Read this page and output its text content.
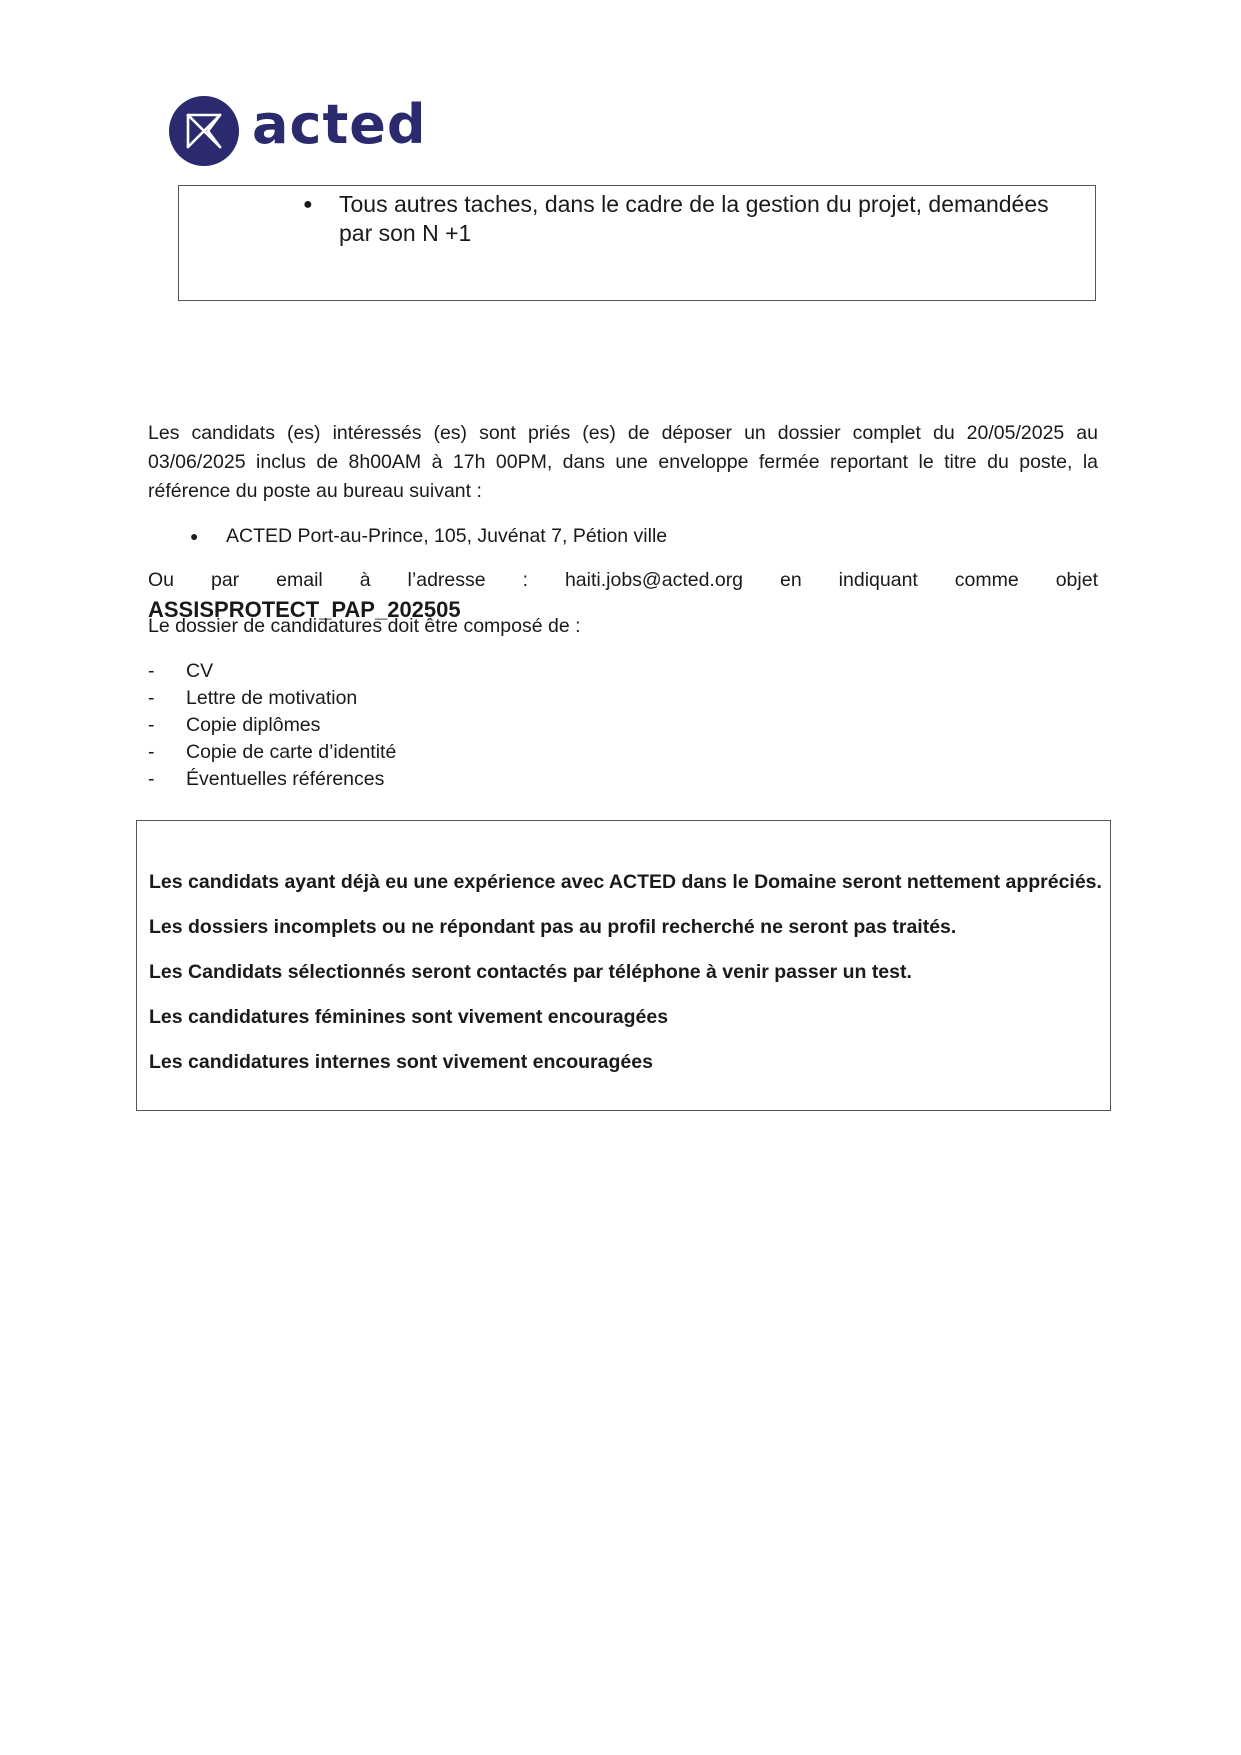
acted
●	Tous autres taches, dans le cadre de la gestion du projet, demandées par son N +1

Les candidats (es) intéressés (es) sont priés (es) de déposer un dossier complet du 20/05/2025 au 03/06/2025 inclus de 8h00AM à 17h 00PM, dans une enveloppe fermée reportant le titre du poste, la référence du poste au bureau suivant :

●	ACTED Port-au-Prince, 105, Juvénat 7, Pétion ville

Ou par email à l’adresse : haiti.jobs@acted.org en indiquant comme objet ASSISPROTECT_PAP_202505

Le dossier de candidatures doit être composé de :

-	CV
-	Lettre de motivation
-	Copie diplômes
-	Copie de carte d’identité
-	Éventuelles références

Les candidats ayant déjà eu une expérience avec ACTED dans le Domaine seront nettement appréciés.

Les dossiers incomplets ou ne répondant pas au profil recherché ne seront pas traités.

Les Candidats sélectionnés seront contactés par téléphone à venir passer un test.

Les candidatures féminines sont vivement encouragées

Les candidatures internes sont vivement encouragées
